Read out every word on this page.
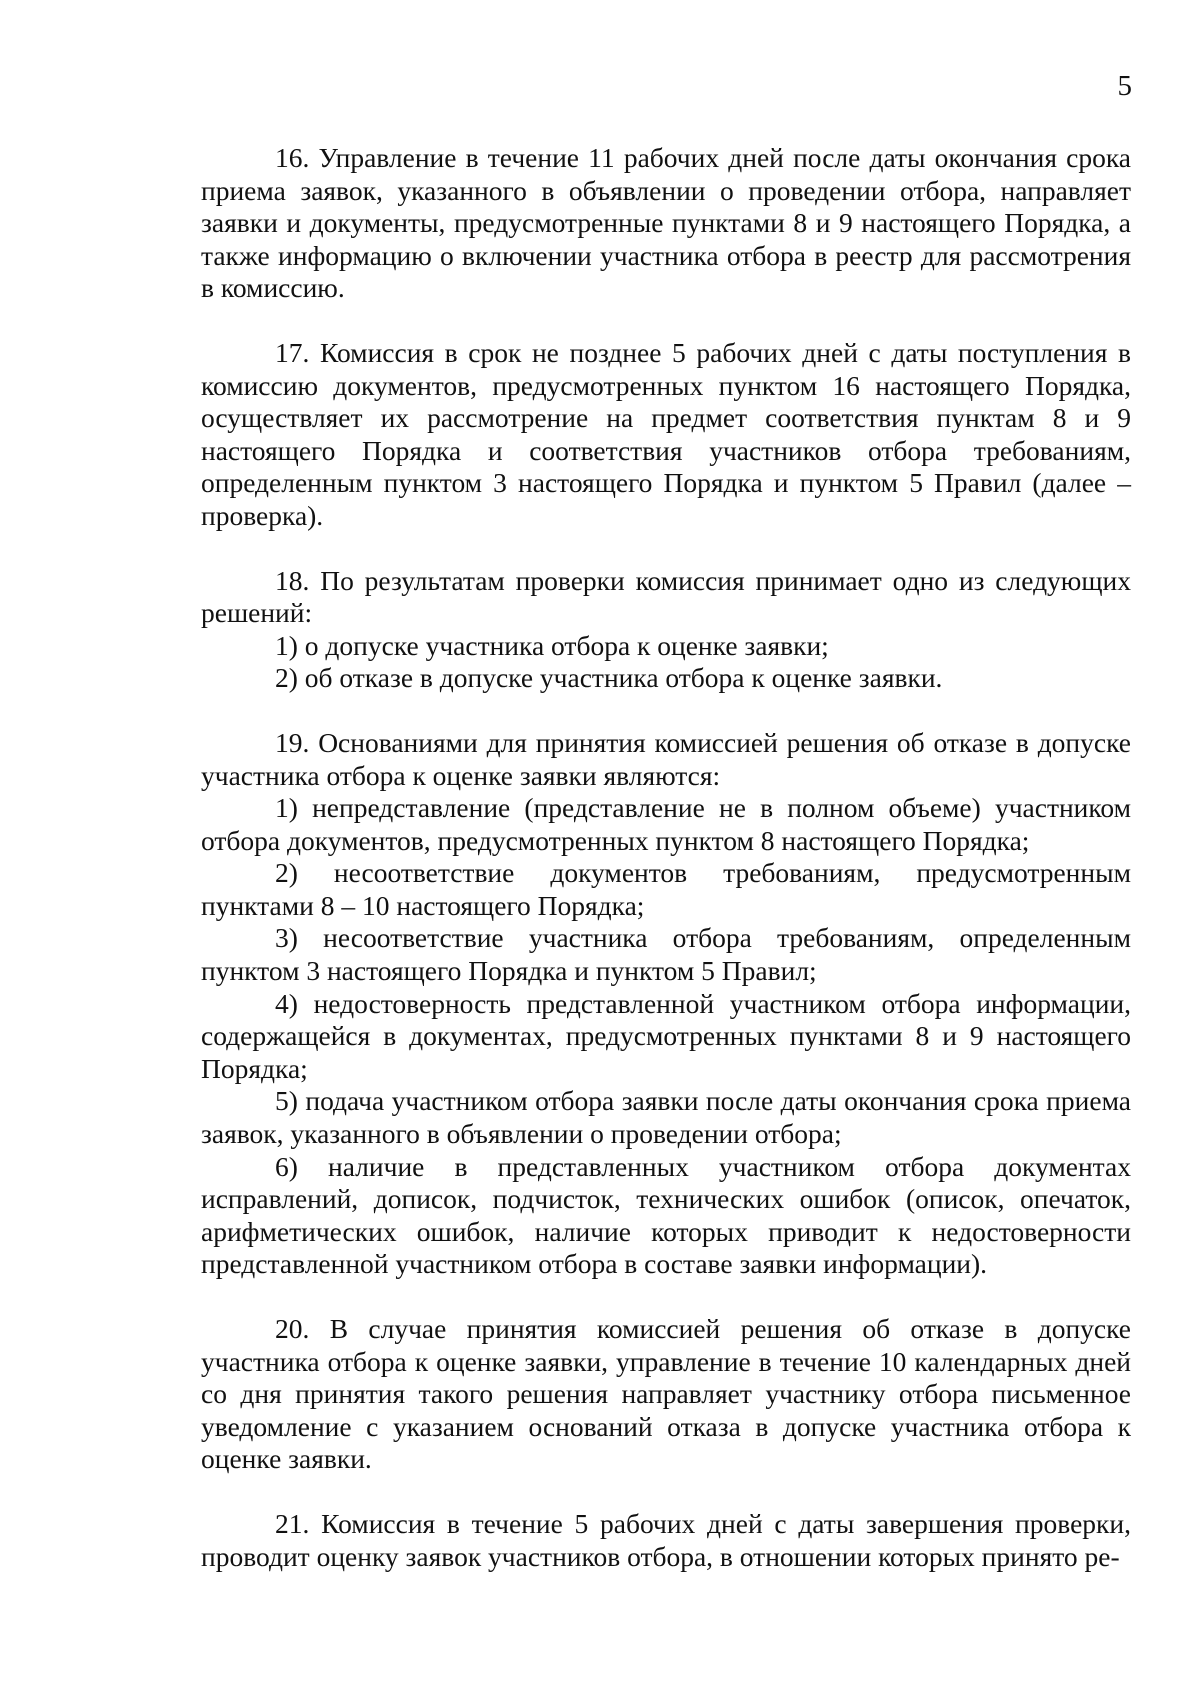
5

16. Управление в течение 11 рабочих дней после даты окончания срока приема заявок, указанного в объявлении о проведении отбора, направляет заявки и документы, предусмотренные пунктами 8 и 9 настоящего Порядка, а также информацию о включении участника отбора в реестр для рассмотрения в комиссию.

17. Комиссия в срок не позднее 5 рабочих дней с даты поступления в комиссию документов, предусмотренных пунктом 16 настоящего Порядка, осуществляет их рассмотрение на предмет соответствия пунктам 8 и 9 настоящего Порядка и соответствия участников отбора требованиям, определенным пунктом 3 настоящего Порядка и пунктом 5 Правил (далее – проверка).

18. По результатам проверки комиссия принимает одно из следующих решений:

1) о допуске участника отбора к оценке заявки;

2) об отказе в допуске участника отбора к оценке заявки.

19. Основаниями для принятия комиссией решения об отказе в допуске участника отбора к оценке заявки являются:

1) непредставление (представление не в полном объеме) участником отбора документов, предусмотренных пунктом 8 настоящего Порядка;

2) несоответствие документов требованиям, предусмотренным пунктами 8 – 10 настоящего Порядка;

3) несоответствие участника отбора требованиям, определенным пунктом 3 настоящего Порядка и пунктом 5 Правил;

4) недостоверность представленной участником отбора информации, содержащейся в документах, предусмотренных пунктами 8 и 9 настоящего Порядка;

5) подача участником отбора заявки после даты окончания срока приема заявок, указанного в объявлении о проведении отбора;

6) наличие в представленных участником отбора документах исправлений, дописок, подчисток, технических ошибок (описок, опечаток, арифметических ошибок, наличие которых приводит к недостоверности представленной участником отбора в составе заявки информации).

20. В случае принятия комиссией решения об отказе в допуске участника отбора к оценке заявки, управление в течение 10 календарных дней со дня принятия такого решения направляет участнику отбора письменное уведомление с указанием оснований отказа в допуске участника отбора к оценке заявки.

21. Комиссия в течение 5 рабочих дней с даты завершения проверки, проводит оценку заявок участников отбора, в отношении которых принято ре-
